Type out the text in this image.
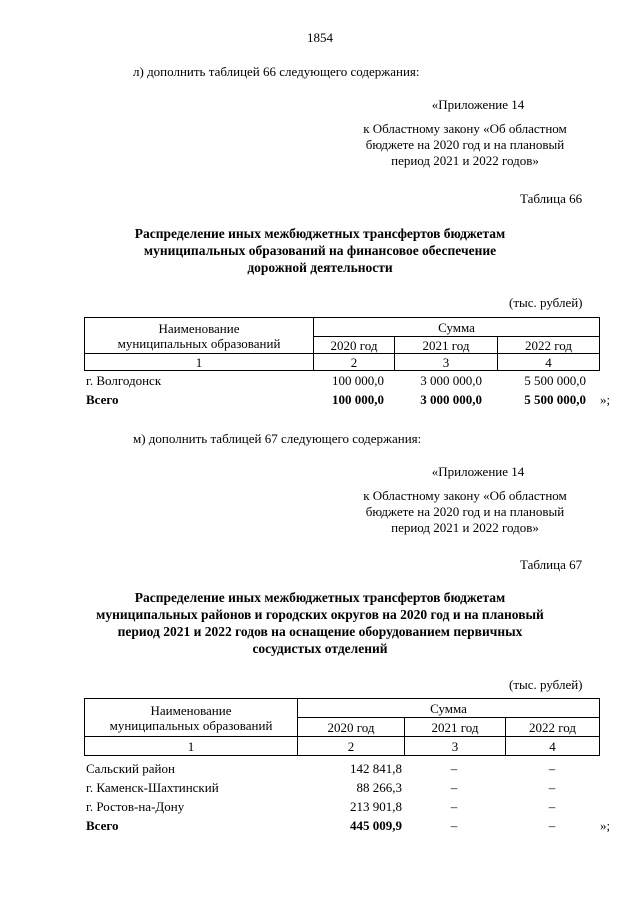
1854
л) дополнить таблицей 66 следующего содержания:
«Приложение 14
к Областному закону «Об областном
бюджете на 2020 год и на плановый
период 2021 и 2022 годов»
Таблица 66
Распределение иных межбюджетных трансфертов бюджетам
муниципальных образований на финансовое обеспечение
дорожной деятельности
(тыс. рублей)
Наименование
муниципальных образований	Сумма		
	2020 год	2021 год	2022 год
1	2	3	4
г. Волгодонск	100 000,0	3 000 000,0	5 500 000,0
Всего	100 000,0	3 000 000,0	5 500 000,0 »;
м) дополнить таблицей 67 следующего содержания:
«Приложение 14
к Областному закону «Об областном
бюджете на 2020 год и на плановый
период 2021 и 2022 годов»
Таблица 67
Распределение иных межбюджетных трансфертов бюджетам
муниципальных районов и городских округов на 2020 год и на плановый
период 2021 и 2022 годов на оснащение оборудованием первичных
сосудистых отделений
(тыс. рублей)
Наименование
муниципальных образований	Сумма		
	2020 год	2021 год	2022 год
1	2	3	4
Сальский район	142 841,8	–	–
г. Каменск-Шахтинский	88 266,3	–	–
г. Ростов-на-Дону	213 901,8	–	–
Всего	445 009,9	–	–	»;
